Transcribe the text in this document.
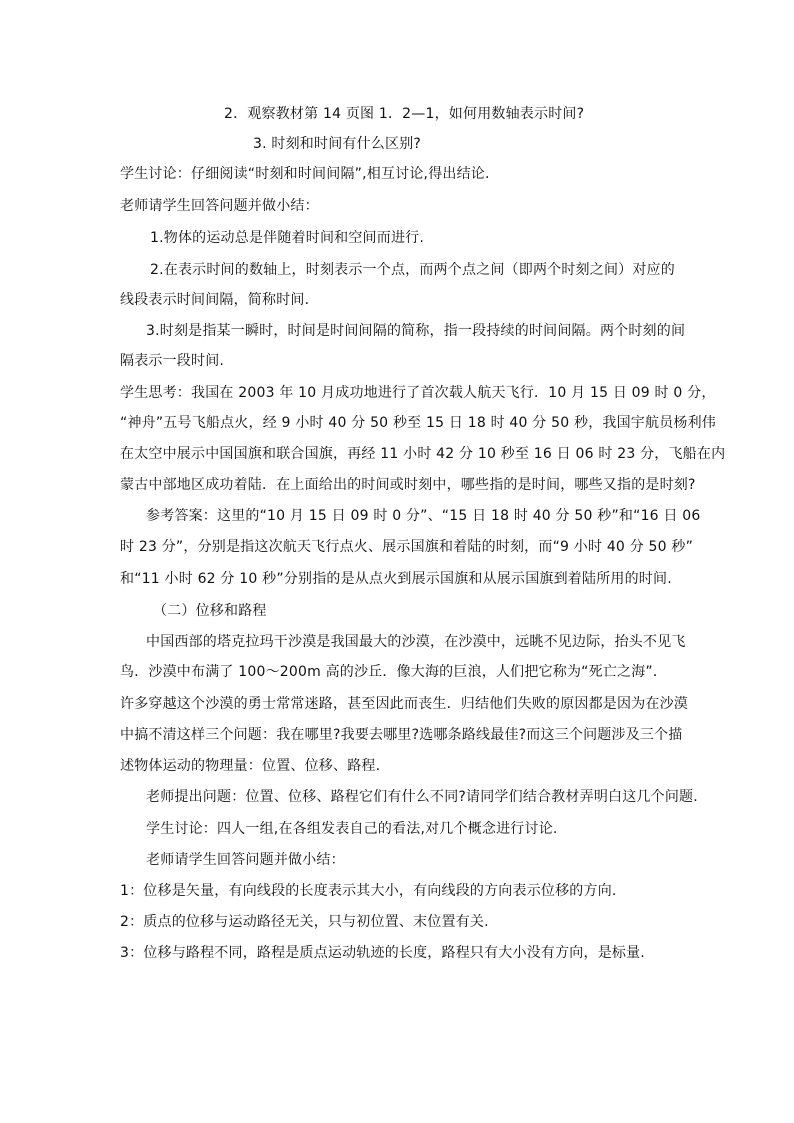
2．观察教材第 14 页图 1．2—1，如何用数轴表示时间?
3. 时刻和时间有什么区别?
学生讨论：仔细阅读“时刻和时间间隔”,相互讨论,得出结论.
老师请学生回答问题并做小结：
1.物体的运动总是伴随着时间和空间而进行.
2.在表示时间的数轴上，时刻表示一个点，而两个点之间（即两个时刻之间）对应的
线段表示时间间隔，简称时间.
3.时刻是指某一瞬时，时间是时间间隔的简称，指一段持续的时间间隔。两个时刻的间
隔表示一段时间.
学生思考：我国在 2003 年 10 月成功地进行了首次载人航天飞行．10 月 15 日 09 时 0 分，
“神舟”五号飞船点火，经 9 小时 40 分 50 秒至 15 日 18 时 40 分 50 秒，我国宇航员杨利伟
在太空中展示中国国旗和联合国旗，再经 11 小时 42 分 10 秒至 16 日 06 时 23 分，飞船在内
蒙古中部地区成功着陆．在上面给出的时间或时刻中，哪些指的是时间，哪些又指的是时刻?
参考答案：这里的“10 月 15 日 09 时 0 分”、“15 日 18 时 40 分 50 秒”和“16 日 06
时 23 分”，分别是指这次航天飞行点火、展示国旗和着陆的时刻，而“9 小时 40 分 50 秒”
和“11 小时 62 分 10 秒”分别指的是从点火到展示国旗和从展示国旗到着陆所用的时间.
（二）位移和路程
中国西部的塔克拉玛干沙漠是我国最大的沙漠，在沙漠中，远眺不见边际，抬头不见飞
鸟．沙漠中布满了 100～200m 高的沙丘．像大海的巨浪，人们把它称为“死亡之海”．
许多穿越这个沙漠的勇士常常迷路，甚至因此而丧生．归结他们失败的原因都是因为在沙漠
中搞不清这样三个问题：我在哪里?我要去哪里?选哪条路线最佳?而这三个问题涉及三个描
述物体运动的物理量：位置、位移、路程.
老师提出问题：位置、位移、路程它们有什么不同?请同学们结合教材弄明白这几个问题.
学生讨论：四人一组,在各组发表自己的看法,对几个概念进行讨论.
老师请学生回答问题并做小结：
1：位移是矢量，有向线段的长度表示其大小，有向线段的方向表示位移的方向.
2：质点的位移与运动路径无关，只与初位置、末位置有关.
3：位移与路程不同，路程是质点运动轨迹的长度，路程只有大小没有方向，是标量.
